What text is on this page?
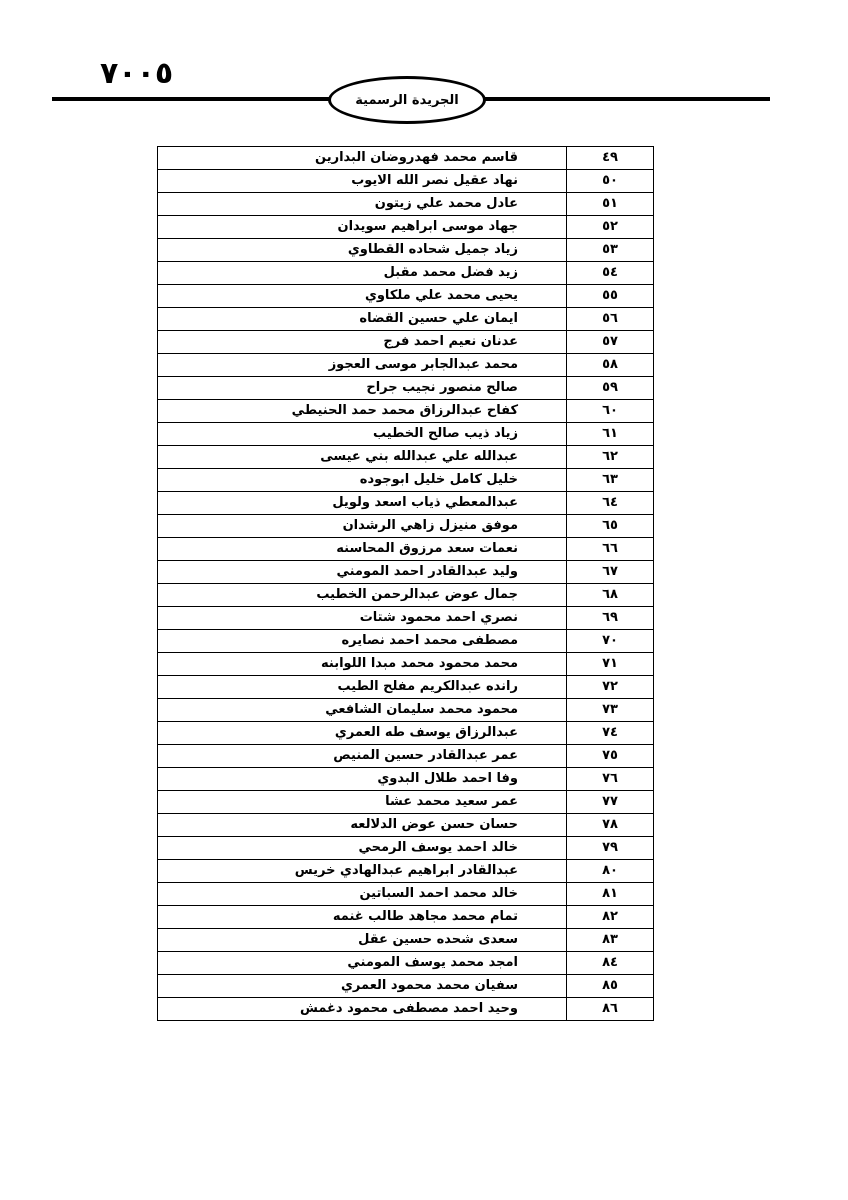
٧٠٠٥
الجريدة الرسمية
٤٩	قاسم محمد فهدروضان البدارين
٥٠	نهاد عقيل نصر الله الايوب
٥١	عادل محمد علي زيتون
٥٢	جهاد موسى ابراهيم سويدان
٥٣	زياد جميل شحاده القطاوي
٥٤	زيد فضل محمد مقبل
٥٥	يحيى محمد علي ملكاوي
٥٦	ايمان علي حسين القضاه
٥٧	عدنان نعيم احمد فرج
٥٨	محمد عبدالجابر موسى العجوز
٥٩	صالح منصور نجيب جراح
٦٠	كفاح عبدالرزاق محمد حمد الحنيطي
٦١	زياد ذيب صالح الخطيب
٦٢	عبدالله علي عبدالله بني عيسى
٦٣	خليل كامل خليل ابوجوده
٦٤	عبدالمعطي ذياب اسعد ولويل
٦٥	موفق منيزل زاهي الرشدان
٦٦	نعمات سعد مرزوق المحاسنه
٦٧	وليد عبدالقادر احمد المومني
٦٨	جمال عوض عبدالرحمن الخطيب
٦٩	نصري احمد محمود شتات
٧٠	مصطفى محمد احمد نصايره
٧١	محمد محمود محمد مبدا اللوابنه
٧٢	رانده عبدالكريم مفلح الطيب
٧٣	محمود محمد سليمان الشافعي
٧٤	عبدالرزاق يوسف طه العمري
٧٥	عمر عبدالقادر حسين المنيص
٧٦	وفا احمد طلال البدوي
٧٧	عمر سعيد محمد عشا
٧٨	حسان حسن عوض الدلالعه
٧٩	خالد احمد يوسف الرمحي
٨٠	عبدالقادر ابراهيم عبدالهادي خريس
٨١	خالد محمد احمد السباتين
٨٢	تمام محمد مجاهد طالب غنمه
٨٣	سعدى شحده حسين عقل
٨٤	امجد محمد يوسف المومني
٨٥	سفيان محمد محمود العمري
٨٦	وحيد احمد مصطفى محمود دغمش
